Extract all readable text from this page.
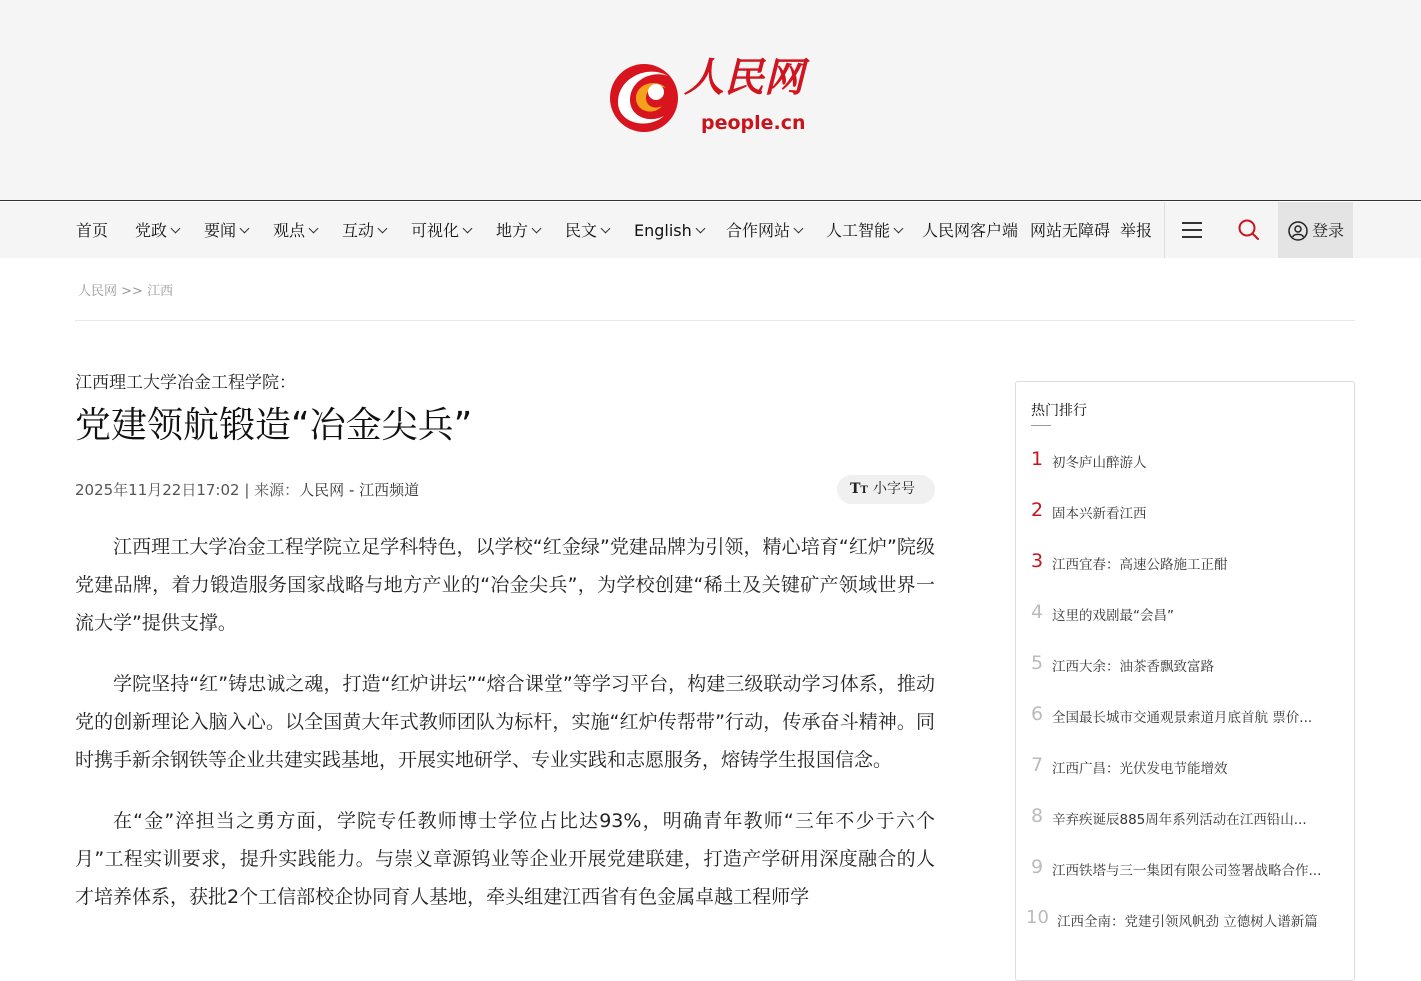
人民网
people.cn
首页 党政	要闻	观点	互动	可视化	地方	民文	English	合作网站	人工智能	人民网客户端 网站无障碍 举报	登录
人民网 >> 江西
江西理工大学冶金工程学院：
党建领航锻造“冶金尖兵”
2025年11月22日17:02 | 来源：人民网 - 江西频道	TT 小字号

江西理工大学冶金工程学院立足学科特色，以学校“红金绿”党建品牌为引领，精心培育“红炉”院级党建品牌，着力锻造服务国家战略与地方产业的“冶金尖兵”，为学校创建“稀土及关键矿产领域世界一流大学”提供支撑。

学院坚持“红”铸忠诚之魂，打造“红炉讲坛”“熔合课堂”等学习平台，构建三级联动学习体系，推动党的创新理论入脑入心。以全国黄大年式教师团队为标杆，实施“红炉传帮带”行动，传承奋斗精神。同时携手新余钢铁等企业共建实践基地，开展实地研学、专业实践和志愿服务，熔铸学生报国信念。

在“金”淬担当之勇方面，学院专任教师博士学位占比达93%，明确青年教师“三年不少于六个月”工程实训要求，提升实践能力。与崇义章源钨业等企业开展党建联建，打造产学研用深度融合的人才培养体系，获批2个工信部校企协同育人基地，牵头组建江西省有色金属卓越工程师学

热门排行
1 初冬庐山醉游人
2 固本兴新看江西
3 江西宜春：高速公路施工正酣
4 这里的戏剧最“会昌”
5 江西大余：油茶香飘致富路
6 全国最长城市交通观景索道月底首航 票价...
7 江西广昌：光伏发电节能增效
8 辛弃疾诞辰885周年系列活动在江西铅山...
9 江西铁塔与三一集团有限公司签署战略合作...
10 江西全南：党建引领风帆劲 立德树人谱新篇
